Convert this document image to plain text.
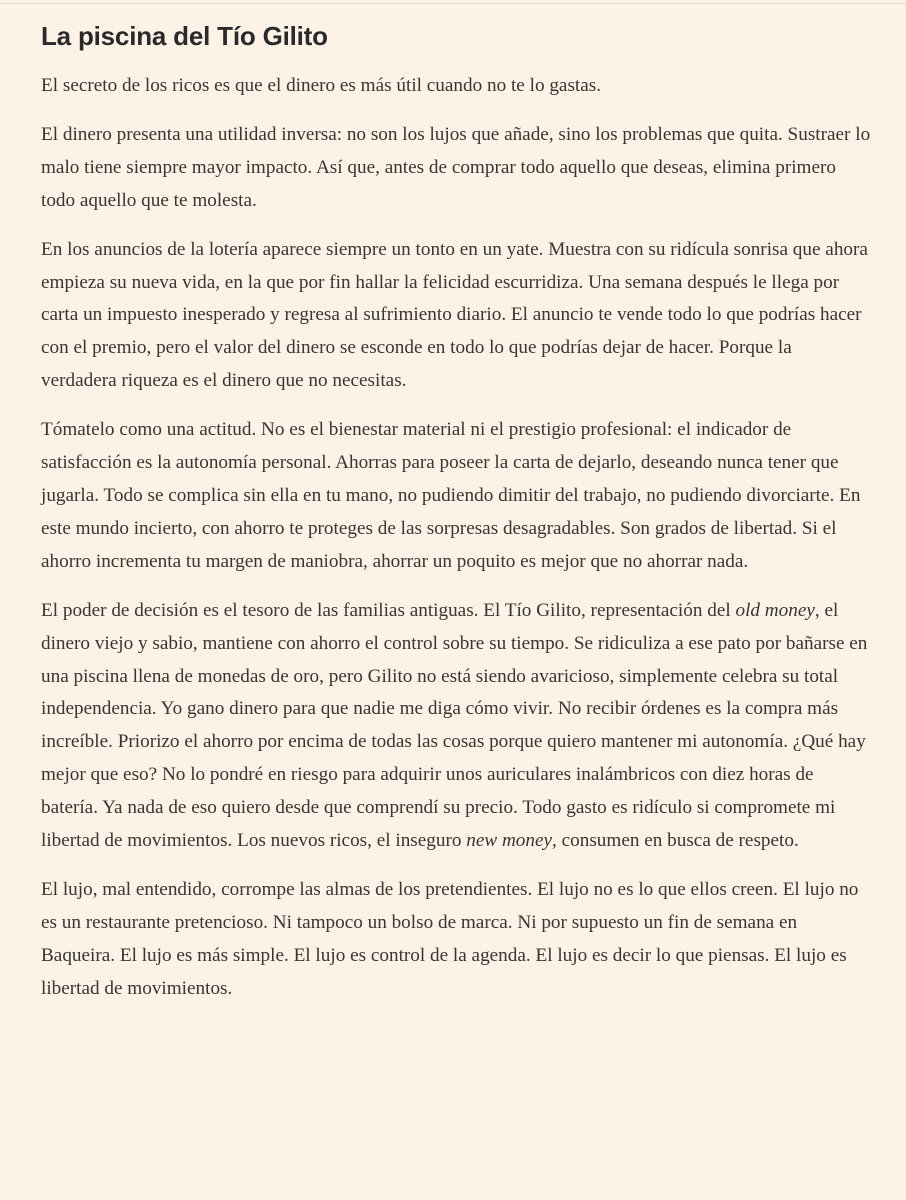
La piscina del Tío Gilito

El secreto de los ricos es que el dinero es más útil cuando no te lo gastas.

El dinero presenta una utilidad inversa: no son los lujos que añade, sino los problemas que quita. Sustraer lo malo tiene siempre mayor impacto. Así que, antes de comprar todo aquello que deseas, elimina primero todo aquello que te molesta.

En los anuncios de la lotería aparece siempre un tonto en un yate. Muestra con su ridícula sonrisa que ahora empieza su nueva vida, en la que por fin hallar la felicidad escurridiza. Una semana después le llega por carta un impuesto inesperado y regresa al sufrimiento diario. El anuncio te vende todo lo que podrías hacer con el premio, pero el valor del dinero se esconde en todo lo que podrías dejar de hacer. Porque la verdadera riqueza es el dinero que no necesitas.

Tómatelo como una actitud. No es el bienestar material ni el prestigio profesional: el indicador de satisfacción es la autonomía personal. Ahorras para poseer la carta de dejarlo, deseando nunca tener que jugarla. Todo se complica sin ella en tu mano, no pudiendo dimitir del trabajo, no pudiendo divorciarte. En este mundo incierto, con ahorro te proteges de las sorpresas desagradables. Son grados de libertad. Si el ahorro incrementa tu margen de maniobra, ahorrar un poquito es mejor que no ahorrar nada.

El poder de decisión es el tesoro de las familias antiguas. El Tío Gilito, representación del old money, el dinero viejo y sabio, mantiene con ahorro el control sobre su tiempo. Se ridiculiza a ese pato por bañarse en una piscina llena de monedas de oro, pero Gilito no está siendo avaricioso, simplemente celebra su total independencia. Yo gano dinero para que nadie me diga cómo vivir. No recibir órdenes es la compra más increíble. Priorizo el ahorro por encima de todas las cosas porque quiero mantener mi autonomía. ¿Qué hay mejor que eso? No lo pondré en riesgo para adquirir unos auriculares inalámbricos con diez horas de batería. Ya nada de eso quiero desde que comprendí su precio. Todo gasto es ridículo si compromete mi libertad de movimientos. Los nuevos ricos, el inseguro new money, consumen en busca de respeto.

El lujo, mal entendido, corrompe las almas de los pretendientes. El lujo no es lo que ellos creen. El lujo no es un restaurante pretencioso. Ni tampoco un bolso de marca. Ni por supuesto un fin de semana en Baqueira. El lujo es más simple. El lujo es control de la agenda. El lujo es decir lo que piensas. El lujo es libertad de movimientos.
